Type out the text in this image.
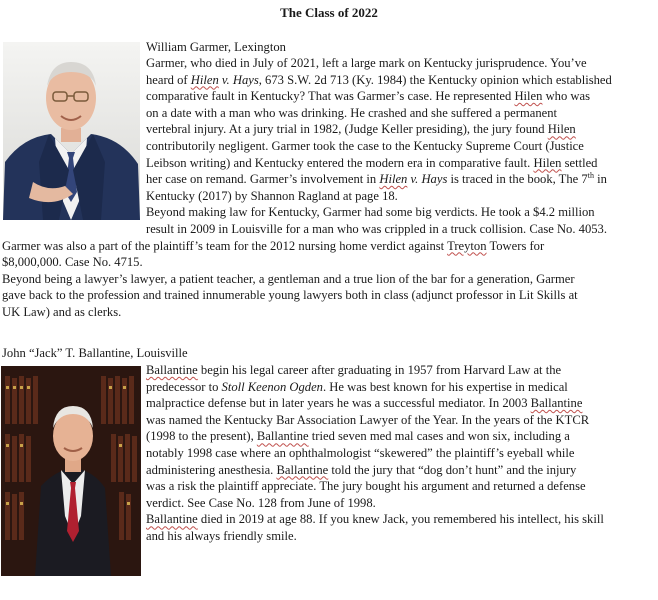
The Class of 2022
William Garmer, Lexington
Garmer, who died in July of 2021, left a large mark on Kentucky jurisprudence. You’ve
heard of Hilen v. Hays, 673 S.W. 2d 713 (Ky. 1984) the Kentucky opinion which established
comparative fault in Kentucky? That was Garmer’s case. He represented Hilen who was
on a date with a man who was drinking. He crashed and she suffered a permanent
vertebral injury. At a jury trial in 1982, (Judge Keller presiding), the jury found Hilen
contributorily negligent. Garmer took the case to the Kentucky Supreme Court (Justice
Leibson writing) and Kentucky entered the modern era in comparative fault. Hilen settled
her case on remand. Garmer’s involvement in Hilen v. Hays is traced in the book, The 7th in
Kentucky (2017) by Shannon Ragland at page 18.
Beyond making law for Kentucky, Garmer had some big verdicts. He took a $4.2 million
result in 2009 in Louisville for a man who was crippled in a truck collision. Case No. 4053.
Garmer was also a part of the plaintiff’s team for the 2012 nursing home verdict against Treyton Towers for
$8,000,000. Case No. 4715.
Beyond being a lawyer’s lawyer, a patient teacher, a gentleman and a true lion of the bar for a generation, Garmer
gave back to the profession and trained innumerable young lawyers both in class (adjunct professor in Lit Skills at
UK Law) and as clerks.
John “Jack” T. Ballantine, Louisville
Ballantine begin his legal career after graduating in 1957 from Harvard Law at the
predecessor to Stoll Keenon Ogden. He was best known for his expertise in medical
malpractice defense but in later years he was a successful mediator. In 2003 Ballantine
was named the Kentucky Bar Association Lawyer of the Year. In the years of the KTCR
(1998 to the present), Ballantine tried seven med mal cases and won six, including a
notably 1998 case where an ophthalmologist “skewered” the plaintiff’s eyeball while
administering anesthesia. Ballantine told the jury that “dog don’t hunt” and the injury
was a risk the plaintiff appreciate. The jury bought his argument and returned a defense
verdict. See Case No. 128 from June of 1998.
Ballantine died in 2019 at age 88. If you knew Jack, you remembered his intellect, his skill
and his always friendly smile.
